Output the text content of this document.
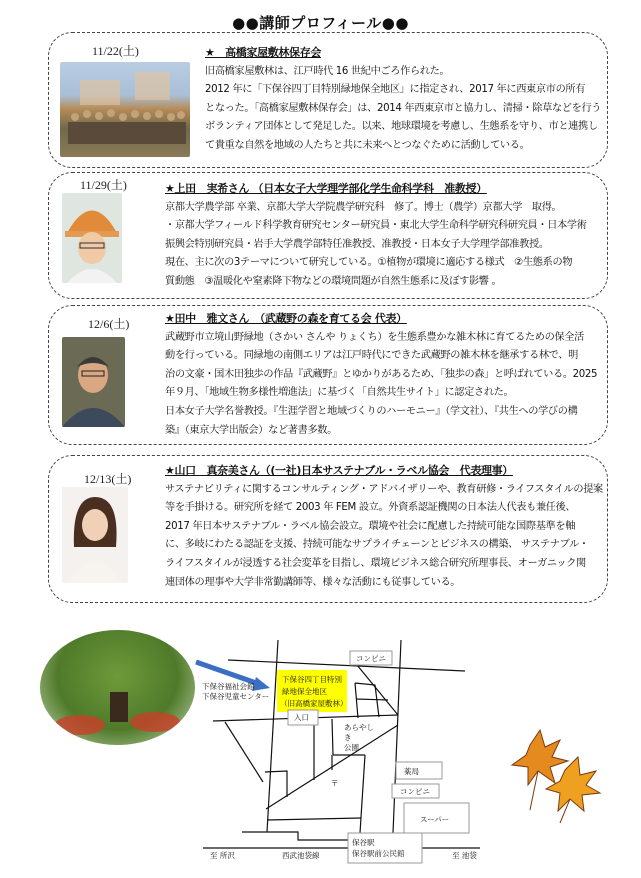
●●講師プロフィール●●
11/22(土)	★　高橋家屋敷林保存会
旧高橋家屋敷林は、江戸時代 16 世紀中ごろ作られた。
2012 年に「下保谷四丁目特別緑地保全地区」に指定され、2017 年に西東京市の所有
となった。「高橋家屋敷林保存会」は、2014 年西東京市と協力し、清掃・除草などを行う
ボランティア団体として発足した。以来、地球環境を考慮し、生態系を守り、市と連携し
て貴重な自然を地域の人たちと共に未来へとつなぐために活動している。
11/29(土)	★上田　実希さん （日本女子大学理学部化学生命科学科　准教授）
京都大学農学部 卒業、京都大学大学院農学研究科　修了。博士（農学）京都大学　取得。
・京都大学フィールド科学教育研究センター研究員・東北大学生命科学研究科研究員・日本学術
振興会特別研究員・岩手大学農学部特任准教授、准教授・日本女子大学理学部准教授。
現在、主に次の3テーマについて研究している。①植物が環境に適応する様式　②生態系の物
質動態　③温暖化や窒素降下物などの環境問題が自然生態系に及ぼす影響 。
12/6(土)	★田中　雅文さん　（武蔵野の森を育てる会 代表）
武蔵野市立境山野緑地（さかい さんや りょくち）を生態系豊かな雑木林に育てるための保全活
動を行っている。同緑地の南側エリアは江戸時代にできた武蔵野の雑木林を継承する林で、明
治の文豪・国木田独歩の作品『武蔵野』とゆかりがあるため、「独歩の森」と呼ばれている。2025
年９月、「地域生物多様性増進法」に基づく「自然共生サイト」に認定された。
日本女子大学名誉教授。『生涯学習と地域づくりのハーモニー』（学文社）、『共生への学びの構
築』（東京大学出版会）など著書多数。
12/13(土)
★山口　真奈美さん（(一社)日本サステナブル・ラベル協会　代表理事）
サステナビリティに関するコンサルティング・アドバイザリーや、教育研修・ライフスタイルの提案
等を手掛ける。研究所を経て 2003 年 FEM 設立。外資系認証機関の日本法人代表も兼任後、
2017 年日本サステナブル・ラベル協会設立。環境や社会に配慮した持続可能な国際基準を軸
に、多岐にわたる認証を支援、持続可能なサプライチェーンとビジネスの構築、 サステナブル・
ライフスタイルが浸透する社会変革を目指し、環境ビジネス総合研究所理事長、オーガニック関
連団体の理事や大学非常勤講師等、様々な活動にも従事している。
下保谷四丁目特別
緑地保全地区
（旧高橋家屋敷林）
下保谷福祉会館
下保谷児童センター
入口
コンビニ
あらやし
き
公園
〒
薬局
コンビニ
スーパー
保谷駅
保谷駅前公民館
至 所沢	西武池袋線	至 池袋
